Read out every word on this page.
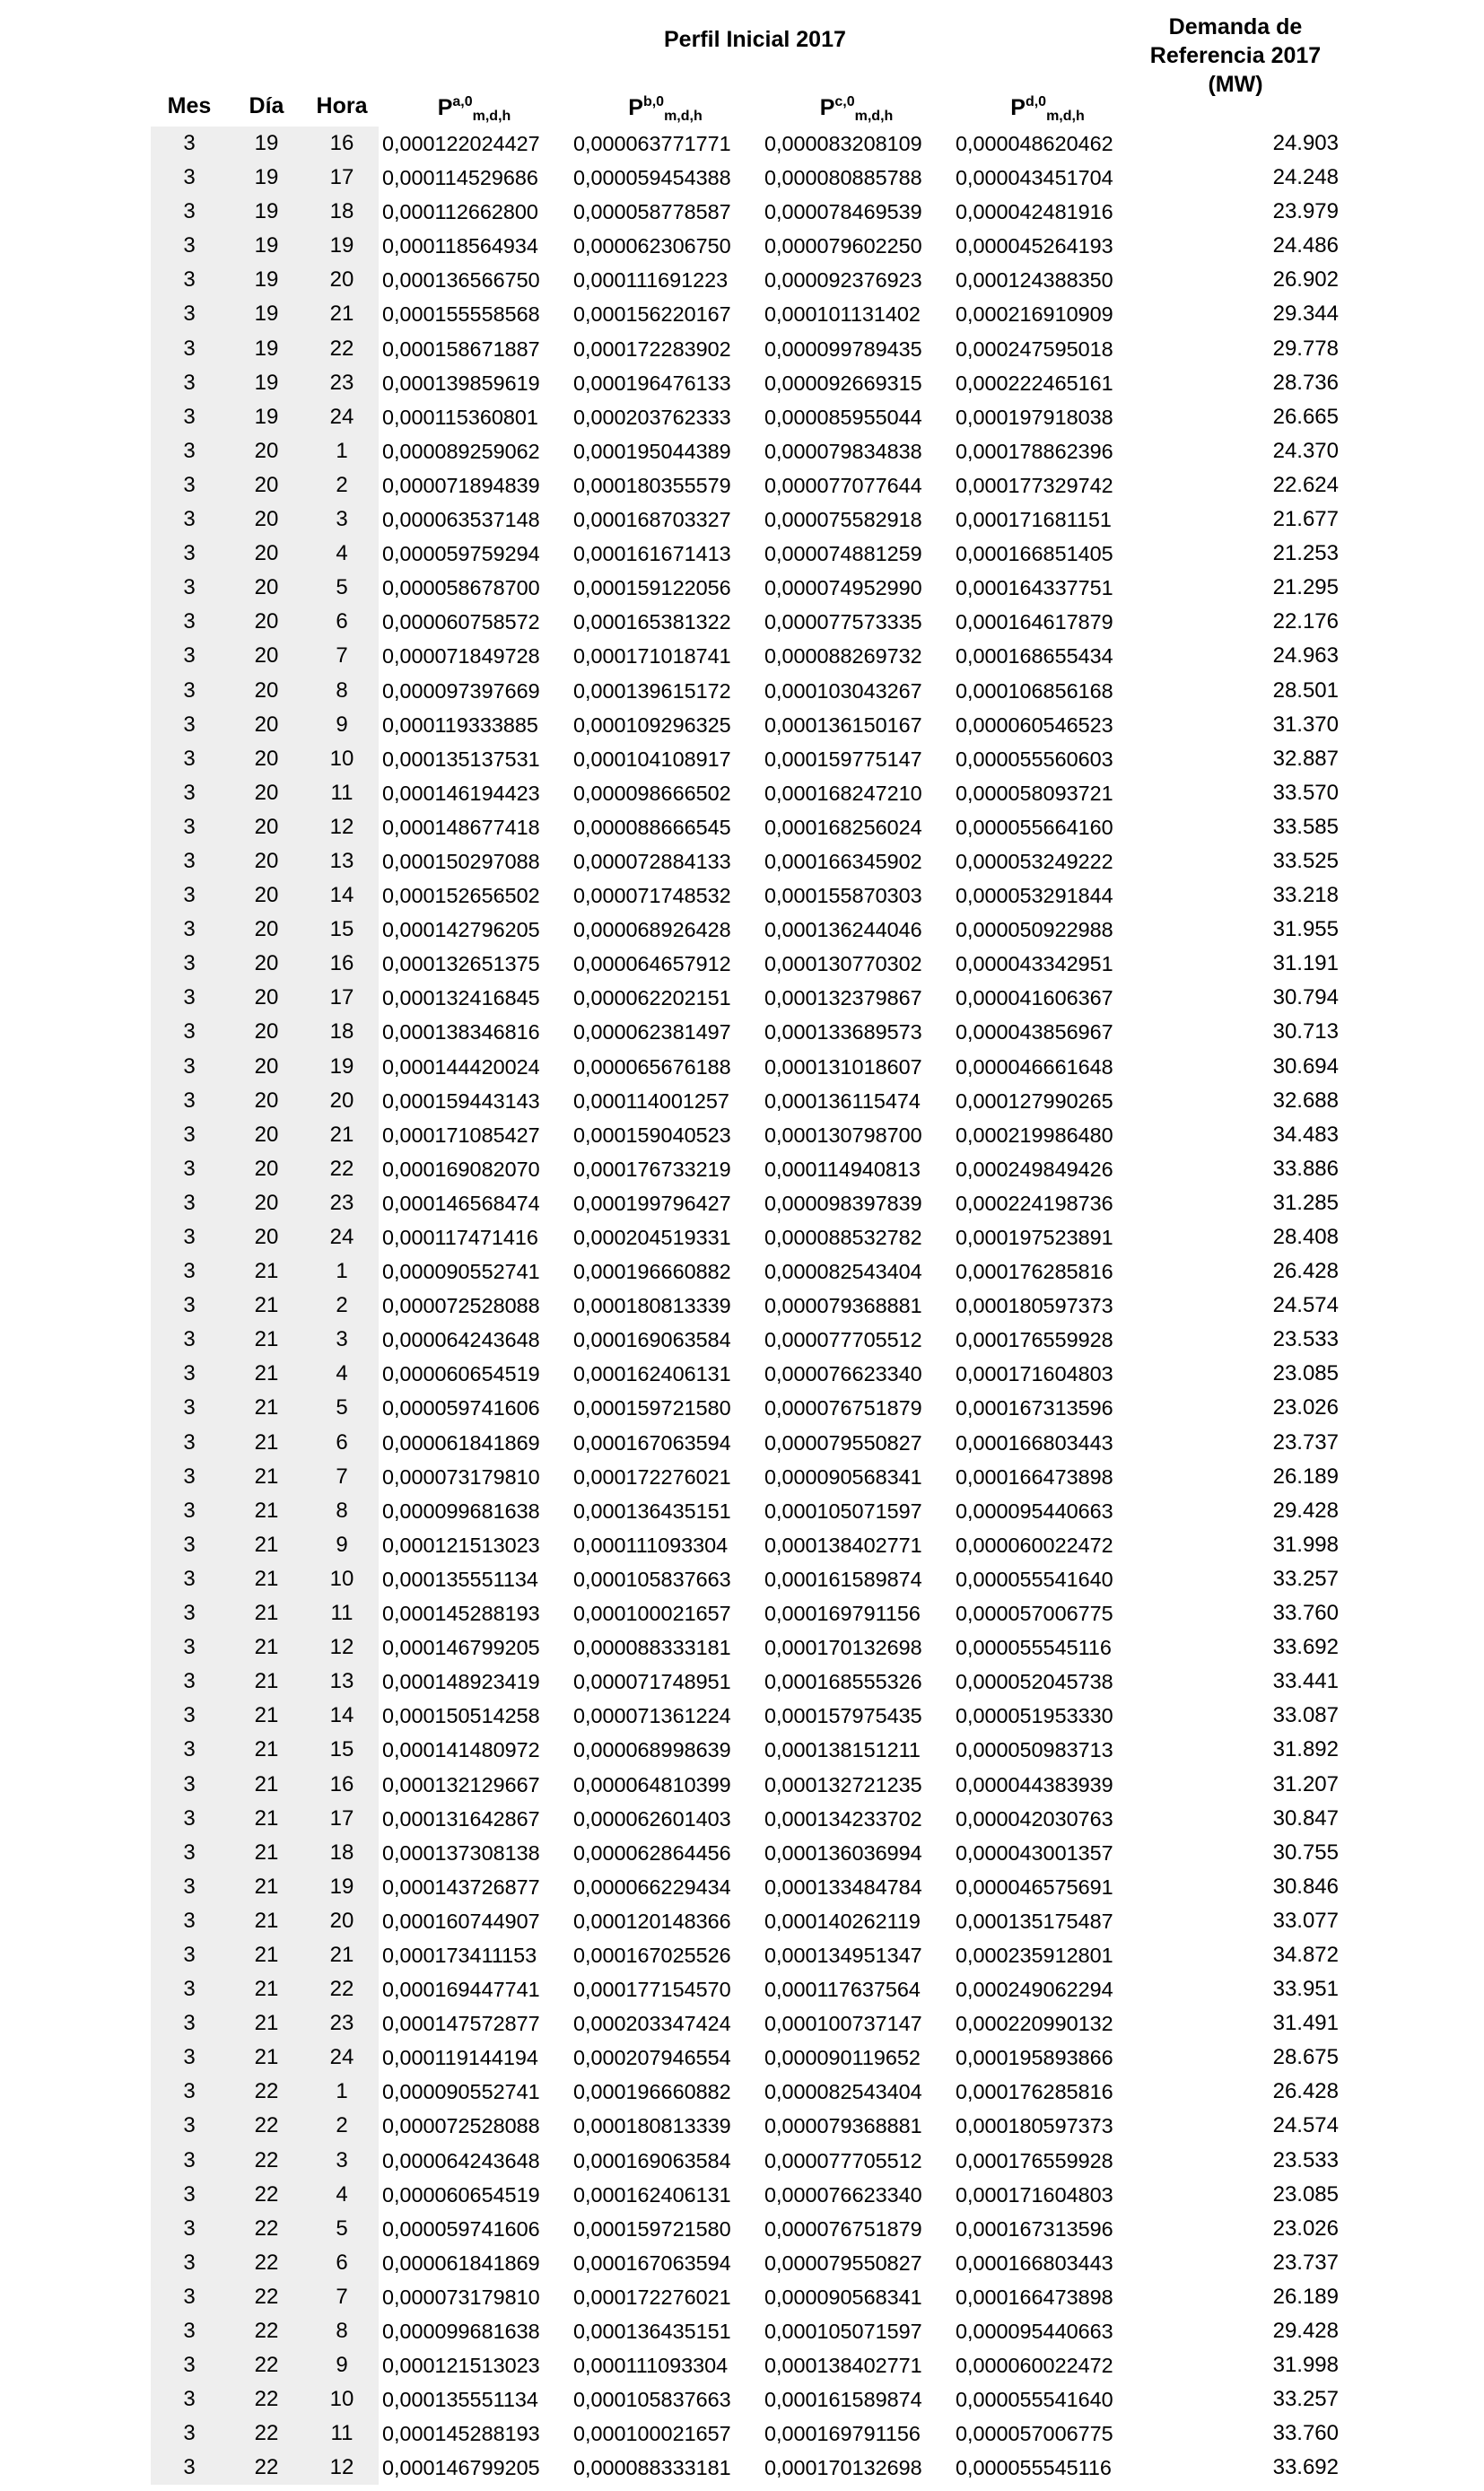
Perfil Inicial 2017
Mes	Día	Hora	P$^{a,0}_{m,d,h}$	P$^{b,0}_{m,d,h}$	P$^{c,0}_{m,d,h}$	P$^{d,0}_{m,d,h}$
Demanda de
Referencia 2017
(MW)
3	19	16	0,000122024427	0,000063771771	0,000083208109	0,000048620462	24.903
3	19	17	0,000114529686	0,000059454388	0,000080885788	0,000043451704	24.248
3	19	18	0,000112662800	0,000058778587	0,000078469539	0,000042481916	23.979
3	19	19	0,000118564934	0,000062306750	0,000079602250	0,000045264193	24.486
3	19	20	0,000136566750	0,000111691223	0,000092376923	0,000124388350	26.902
3	19	21	0,000155558568	0,000156220167	0,000101131402	0,000216910909	29.344
3	19	22	0,000158671887	0,000172283902	0,000099789435	0,000247595018	29.778
3	19	23	0,000139859619	0,000196476133	0,000092669315	0,000222465161	28.736
3	19	24	0,000115360801	0,000203762333	0,000085955044	0,000197918038	26.665
3	20	1	0,000089259062	0,000195044389	0,000079834838	0,000178862396	24.370
3	20	2	0,000071894839	0,000180355579	0,000077077644	0,000177329742	22.624
3	20	3	0,000063537148	0,000168703327	0,000075582918	0,000171681151	21.677
3	20	4	0,000059759294	0,000161671413	0,000074881259	0,000166851405	21.253
3	20	5	0,000058678700	0,000159122056	0,000074952990	0,000164337751	21.295
3	20	6	0,000060758572	0,000165381322	0,000077573335	0,000164617879	22.176
3	20	7	0,000071849728	0,000171018741	0,000088269732	0,000168655434	24.963
3	20	8	0,000097397669	0,000139615172	0,000103043267	0,000106856168	28.501
3	20	9	0,000119333885	0,000109296325	0,000136150167	0,000060546523	31.370
3	20	10	0,000135137531	0,000104108917	0,000159775147	0,000055560603	32.887
3	20	11	0,000146194423	0,000098666502	0,000168247210	0,000058093721	33.570
3	20	12	0,000148677418	0,000088666545	0,000168256024	0,000055664160	33.585
3	20	13	0,000150297088	0,000072884133	0,000166345902	0,000053249222	33.525
3	20	14	0,000152656502	0,000071748532	0,000155870303	0,000053291844	33.218
3	20	15	0,000142796205	0,000068926428	0,000136244046	0,000050922988	31.955
3	20	16	0,000132651375	0,000064657912	0,000130770302	0,000043342951	31.191
3	20	17	0,000132416845	0,000062202151	0,000132379867	0,000041606367	30.794
3	20	18	0,000138346816	0,000062381497	0,000133689573	0,000043856967	30.713
3	20	19	0,000144420024	0,000065676188	0,000131018607	0,000046661648	30.694
3	20	20	0,000159443143	0,000114001257	0,000136115474	0,000127990265	32.688
3	20	21	0,000171085427	0,000159040523	0,000130798700	0,000219986480	34.483
3	20	22	0,000169082070	0,000176733219	0,000114940813	0,000249849426	33.886
3	20	23	0,000146568474	0,000199796427	0,000098397839	0,000224198736	31.285
3	20	24	0,000117471416	0,000204519331	0,000088532782	0,000197523891	28.408
3	21	1	0,000090552741	0,000196660882	0,000082543404	0,000176285816	26.428
3	21	2	0,000072528088	0,000180813339	0,000079368881	0,000180597373	24.574
3	21	3	0,000064243648	0,000169063584	0,000077705512	0,000176559928	23.533
3	21	4	0,000060654519	0,000162406131	0,000076623340	0,000171604803	23.085
3	21	5	0,000059741606	0,000159721580	0,000076751879	0,000167313596	23.026
3	21	6	0,000061841869	0,000167063594	0,000079550827	0,000166803443	23.737
3	21	7	0,000073179810	0,000172276021	0,000090568341	0,000166473898	26.189
3	21	8	0,000099681638	0,000136435151	0,000105071597	0,000095440663	29.428
3	21	9	0,000121513023	0,000111093304	0,000138402771	0,000060022472	31.998
3	21	10	0,000135551134	0,000105837663	0,000161589874	0,000055541640	33.257
3	21	11	0,000145288193	0,000100021657	0,000169791156	0,000057006775	33.760
3	21	12	0,000146799205	0,000088333181	0,000170132698	0,000055545116	33.692
3	21	13	0,000148923419	0,000071748951	0,000168555326	0,000052045738	33.441
3	21	14	0,000150514258	0,000071361224	0,000157975435	0,000051953330	33.087
3	21	15	0,000141480972	0,000068998639	0,000138151211	0,000050983713	31.892
3	21	16	0,000132129667	0,000064810399	0,000132721235	0,000044383939	31.207
3	21	17	0,000131642867	0,000062601403	0,000134233702	0,000042030763	30.847
3	21	18	0,000137308138	0,000062864456	0,000136036994	0,000043001357	30.755
3	21	19	0,000143726877	0,000066229434	0,000133484784	0,000046575691	30.846
3	21	20	0,000160744907	0,000120148366	0,000140262119	0,000135175487	33.077
3	21	21	0,000173411153	0,000167025526	0,000134951347	0,000235912801	34.872
3	21	22	0,000169447741	0,000177154570	0,000117637564	0,000249062294	33.951
3	21	23	0,000147572877	0,000203347424	0,000100737147	0,000220990132	31.491
3	21	24	0,000119144194	0,000207946554	0,000090119652	0,000195893866	28.675
3	22	1	0,000090552741	0,000196660882	0,000082543404	0,000176285816	26.428
3	22	2	0,000072528088	0,000180813339	0,000079368881	0,000180597373	24.574
3	22	3	0,000064243648	0,000169063584	0,000077705512	0,000176559928	23.533
3	22	4	0,000060654519	0,000162406131	0,000076623340	0,000171604803	23.085
3	22	5	0,000059741606	0,000159721580	0,000076751879	0,000167313596	23.026
3	22	6	0,000061841869	0,000167063594	0,000079550827	0,000166803443	23.737
3	22	7	0,000073179810	0,000172276021	0,000090568341	0,000166473898	26.189
3	22	8	0,000099681638	0,000136435151	0,000105071597	0,000095440663	29.428
3	22	9	0,000121513023	0,000111093304	0,000138402771	0,000060022472	31.998
3	22	10	0,000135551134	0,000105837663	0,000161589874	0,000055541640	33.257
3	22	11	0,000145288193	0,000100021657	0,000169791156	0,000057006775	33.760
3	22	12	0,000146799205	0,000088333181	0,000170132698	0,000055545116	33.692
